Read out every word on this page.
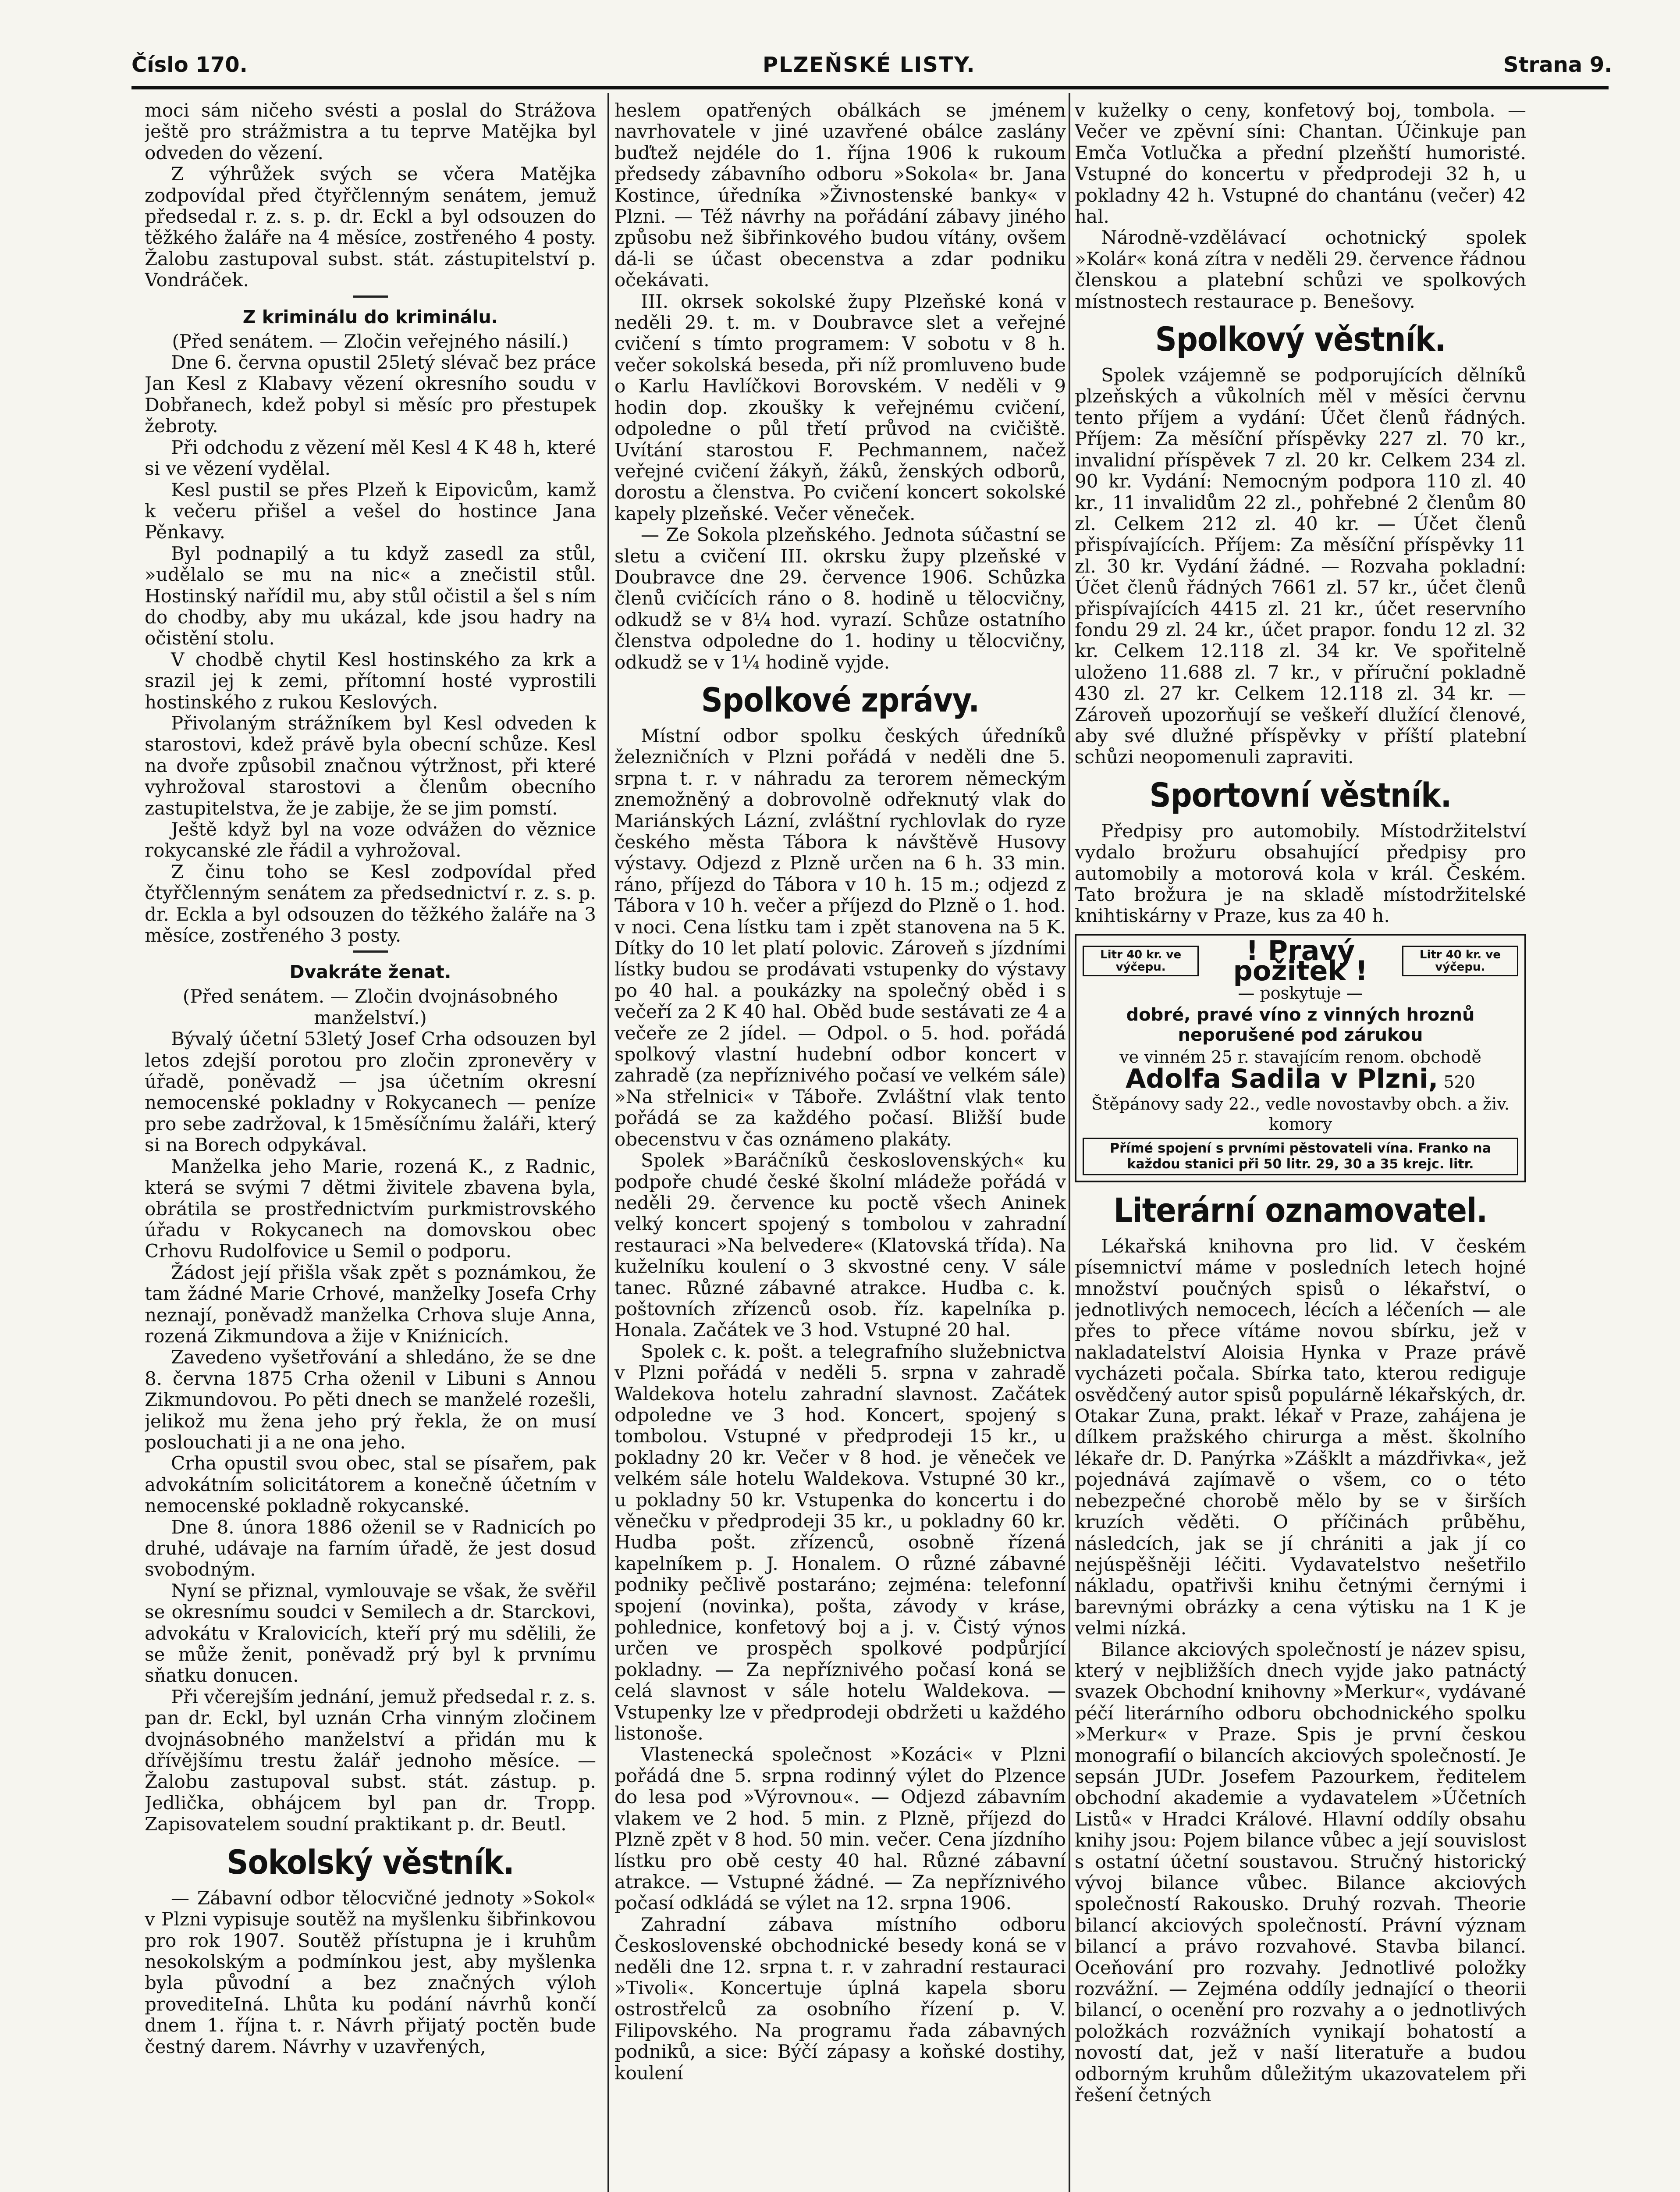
Číslo 170.	PLZEŇSKÉ LISTY.	Strana 9.

moci sám ničeho svésti a poslal do Strážova ještě pro strážmistra a tu teprve Matějka byl odveden do vězení.

Z výhrůžek svých se včera Matějka zodpovídal před čtyřčlenným senátem, jemuž předsedal r. z. s. p. dr. Eckl a byl odsouzen do těžkého žaláře na 4 měsíce, zostřeného 4 posty. Žalobu zastupoval subst. stát. zástupitelství p. Vondráček.

Z kriminálu do kriminálu.

(Před senátem. — Zločin veřejného násilí.)

Dne 6. června opustil 25letý slévač bez práce Jan Kesl z Klabavy vězení okresního soudu v Dobřanech, kdež pobyl si měsíc pro přestupek žebroty.

Při odchodu z vězení měl Kesl 4 K 48 h, které si ve vězení vydělal.

Kesl pustil se přes Plzeň k Eipovicům, kamž k večeru přišel a vešel do hostince Jana Pěnkavy.

Byl podnapilý a tu když zasedl za stůl, »udělalo se mu na nic« a znečistil stůl. Hostinský nařídil mu, aby stůl očistil a šel s ním do chodby, aby mu ukázal, kde jsou hadry na očistění stolu.

V chodbě chytil Kesl hostinského za krk a srazil jej k zemi, přítomní hosté vyprostili hostinského z rukou Keslových.

Přivolaným strážníkem byl Kesl odveden k starostovi, kdež právě byla obecní schůze. Kesl na dvoře způsobil značnou výtržnost, při které vyhrožoval starostovi a členům obecního zastupitelstva, že je zabije, že se jim pomstí.

Ještě když byl na voze odvážen do věznice rokycanské zle řádil a vyhrožoval.

Z činu toho se Kesl zodpovídal před čtyřčlenným senátem za předsednictví r. z. s. p. dr. Eckla a byl odsouzen do těžkého žaláře na 3 měsíce, zostřeného 3 posty.

Dvakráte ženat.

(Před senátem. — Zločin dvojnásobného manželství.)

Bývalý účetní 53letý Josef Crha odsouzen byl letos zdejší porotou pro zločin zpronevěry v úřadě, poněvadž — jsa účetním okresní nemocenské pokladny v Rokycanech — peníze pro sebe zadržoval, k 15měsíčnímu žaláři, který si na Borech odpykával.

Manželka jeho Marie, rozená K., z Radnic, která se svými 7 dětmi živitele zbavena byla, obrátila se prostřednictvím purkmistrovského úřadu v Rokycanech na domovskou obec Crhovu Rudolfovice u Semil o podporu.

Žádost její přišla však zpět s poznámkou, že tam žádné Marie Crhové, manželky Josefa Crhy neznají, poněvadž manželka Crhova sluje Anna, rozená Zikmundova a žije v Kniźnicích.

Zavedeno vyšetřování a shledáno, že se dne 8. června 1875 Crha oženil v Libuni s Annou Zikmundovou. Po pěti dnech se manželé rozešli, jelikož mu žena jeho prý řekla, že on musí poslouchati ji a ne ona jeho.

Crha opustil svou obec, stal se písařem, pak advokátním solicitátorem a konečně účetním v nemocenské pokladně rokycanské.

Dne 8. února 1886 oženil se v Radnicích po druhé, udávaje na farním úřadě, že jest dosud svobodným.

Nyní se přiznal, vymlouvaje se však, že svěřil se okresnímu soudci v Semilech a dr. Starckovi, advokátu v Kralovicích, kteří prý mu sdělili, že se může ženit, poněvadž prý byl k prvnímu sňatku donucen.

Při včerejším jednání, jemuž předsedal r. z. s. pan dr. Eckl, byl uznán Crha vinným zločinem dvojnásobného manželství a přidán mu k dřívějšímu trestu žalář jednoho měsíce. — Žalobu zastupoval subst. stát. zástup. p. Jedlička, obhájcem byl pan dr. Tropp. Zapisovatelem soudní praktikant p. dr. Beutl.

Sokolský věstník.

— Zábavní odbor tělocvičné jednoty »Sokol« v Plzni vypisuje soutěž na myšlenku šibřinkovou pro rok 1907. Soutěž přístupna je i kruhům nesokolským a podmínkou jest, aby myšlenka byla původní a bez značných výloh provediteIná. Lhůta ku podání návrhů končí dnem 1. října t. r. Návrh přijatý poctěn bude čestný darem. Návrhy v uzavřených,

heslem opatřených obálkách se jménem navrhovatele v jiné uzavřené obálce zaslány buďtež nejdéle do 1. října 1906 k rukoum předsedy zábavního odboru »Sokola« br. Jana Kostince, úředníka »Živnostenské banky« v Plzni. — Též návrhy na pořádání zábavy jiného způsobu než šibřinkového budou vítány, ovšem dá-li se účast obecenstva a zdar podniku očekávati.

III. okrsek sokolské župy Plzeňské koná v neděli 29. t. m. v Doubravce slet a veřejné cvičení s tímto programem: V sobotu v 8 h. večer sokolská beseda, při níž promluveno bude o Karlu Havlíčkovi Borovském. V neděli v 9 hodin dop. zkoušky k veřejnému cvičení, odpoledne o půl třetí průvod na cvičiště. Uvítání starostou F. Pechmannem, načež veřejné cvičení žákyň, žáků, ženských odborů, dorostu a členstva. Po cvičení koncert sokolské kapely plzeňské. Večer věneček.

— Ze Sokola plzeňského. Jednota súčastní se sletu a cvičení III. okrsku župy plzeňské v Doubravce dne 29. července 1906. Schůzka členů cvičících ráno o 8. hodině u tělocvičny, odkudž se v 8¼ hod. vyrazí. Schůze ostatního členstva odpoledne do 1. hodiny u tělocvičny, odkudž se v 1¼ hodině vyjde.

Spolkové zprávy.

Místní odbor spolku českých úředníků železničních v Plzni pořádá v neděli dne 5. srpna t. r. v náhradu za terorem německým znemožněný a dobrovolně odřeknutý vlak do Mariánských Lázní, zvláštní rychlovlak do ryze českého města Tábora k návštěvě Husovy výstavy. Odjezd z Plzně určen na 6 h. 33 min. ráno, příjezd do Tábora v 10 h. 15 m.; odjezd z Tábora v 10 h. večer a příjezd do Plzně o 1. hod. v noci. Cena lístku tam i zpět stanovena na 5 K. Dítky do 10 let platí polovic. Zároveň s jízdními lístky budou se prodávati vstupenky do výstavy po 40 hal. a poukázky na společný oběd i s večeří za 2 K 40 hal. Oběd bude sestávati ze 4 a večeře ze 2 jídel. — Odpol. o 5. hod. pořádá spolkový vlastní hudební odbor koncert v zahradě (za nepříznivého počasí ve velkém sále) »Na střelnici« v Táboře. Zvláštní vlak tento pořádá se za každého počasí. Bližší bude obecenstvu v čas oznámeno plakáty.

Spolek »Baráčníků československých« ku podpoře chudé české školní mládeže pořádá v neděli 29. července ku poctě všech Aninek velký koncert spojený s tombolou v zahradní restauraci »Na belvedere« (Klatovská třída). Na kuželníku koulení o 3 skvostné ceny. V sále tanec. Různé zábavné atrakce. Hudba c. k. poštovních zřízenců osob. říz. kapelníka p. Honala. Začátek ve 3 hod. Vstupné 20 hal.

Spolek c. k. pošt. a telegrafního služebnictva v Plzni pořádá v neděli 5. srpna v zahradě Waldekova hotelu zahradní slavnost. Začátek odpoledne ve 3 hod. Koncert, spojený s tombolou. Vstupné v předprodeji 15 kr., u pokladny 20 kr. Večer v 8 hod. je věneček ve velkém sále hotelu Waldekova. Vstupné 30 kr., u pokladny 50 kr. Vstupenka do koncertu i do věnečku v předprodeji 35 kr., u pokladny 60 kr. Hudba pošt. zřízenců, osobně řízená kapelníkem p. J. Honalem. O různé zábavné podniky pečlivě postaráno; zejména: telefonní spojení (novinka), pošta, závody v kráse, pohlednice, konfetový boj a j. v. Čistý výnos určen ve prospěch spolkové podpůrjící pokladny. — Za nepříznivého počasí koná se celá slavnost v sále hotelu Waldekova. — Vstupenky lze v předprodeji obdržeti u každého listonoše.

Vlastenecká společnost »Kozáci« v Plzni pořádá dne 5. srpna rodinný výlet do Plzence do lesa pod »Výrovnou«. — Odjezd zábavním vlakem ve 2 hod. 5 min. z Plzně, příjezd do Plzně zpět v 8 hod. 50 min. večer. Cena jízdního lístku pro obě cesty 40 hal. Různé zábavní atrakce. — Vstupné žádné. — Za nepříznivého počasí odkládá se výlet na 12. srpna 1906.

Zahradní zábava místního odboru Československé obchodnické besedy koná se v neděli dne 12. srpna t. r. v zahradní restauraci »Tivoli«. Koncertuje úplná kapela sboru ostrostřelců za osobního řízení p. V. Filipovského. Na programu řada zábavných podniků, a sice: Býčí zápasy a koňské dostihy, koulení

v kuželky o ceny, konfetový boj, tombola. — Večer ve zpěvní síni: Chantan. Účinkuje pan Emča Votlučka a přední plzeňští humoristé. Vstupné do koncertu v předprodeji 32 h, u pokladny 42 h. Vstupné do chantánu (večer) 42 hal.

Národně-vzdělávací ochotnický spolek »Kolár« koná zítra v neděli 29. července řádnou členskou a platební schůzi ve spolkových místnostech restaurace p. Benešovy.

Spolkový věstník.

Spolek vzájemně se podporujících dělníků plzeňských a vůkolních měl v měsíci červnu tento příjem a vydání: Účet členů řádných. Příjem: Za měsíční příspěvky 227 zl. 70 kr., invalidní příspěvek 7 zl. 20 kr. Celkem 234 zl. 90 kr. Vydání: Nemocným podpora 110 zl. 40 kr., 11 invalidům 22 zl., pohřebné 2 členům 80 zl. Celkem 212 zl. 40 kr. — Účet členů přispívajících. Příjem: Za měsíční příspěvky 11 zl. 30 kr. Vydání žádné. — Rozvaha pokladní: Účet členů řádných 7661 zl. 57 kr., účet členů přispívajících 4415 zl. 21 kr., účet reservního fondu 29 zl. 24 kr., účet prapor. fondu 12 zl. 32 kr. Celkem 12.118 zl. 34 kr. Ve spořitelně uloženo 11.688 zl. 7 kr., v příruční pokladně 430 zl. 27 kr. Celkem 12.118 zl. 34 kr. — Zároveň upozorňují se veškeří dlužící členové, aby své dlužné příspěvky v příští platební schůzi neopomenuli zapraviti.

Sportovní věstník.

Předpisy pro automobily. Místodržitelství vydalo brožuru obsahující předpisy pro automobily a motorová kola v král. Českém. Tato brožura je na skladě místodržitelské knihtiskárny v Praze, kus za 40 h.

Litr 40 kr. ve výčepu.
! Pravý požitek !	Litr 40 kr. ve výčepu.
— poskytuje —
dobré, pravé víno z vinných hroznů neporušené pod zárukou
ve vinném 25 r. stavajícím renom. obchodě
Adolfa Sadila v Plzni, 520
Štěpánovy sady 22., vedle novostavby obch. a živ. komory
Přímé spojení s prvními pěstovateli vína. Franko na každou stanici při 50 litr. 29, 30 a 35 krejc. litr.
Literární oznamovatel.

Lékařská knihovna pro lid. V českém písemnictví máme v posledních letech hojné množství poučných spisů o lékařství, o jednotlivých nemocech, lécích a léčeních — ale přes to přece vítáme novou sbírku, jež v nakladatelství Aloisia Hynka v Praze právě vycházeti počala. Sbírka tato, kterou rediguje osvědčený autor spisů populárně lékařských, dr. Otakar Zuna, prakt. lékař v Praze, zahájena je dílkem pražského chirurga a měst. školního lékaře dr. D. Panýrka »Zášklt a mázdřivka«, jež pojednává zajímavě o všem, co o této nebezpečné chorobě mělo by se v širších kruzích věděti. O příčinách průběhu, následcích, jak se jí chrániti a jak jí co nejúspěšněji léčiti. Vydavatelstvo nešetřilo nákladu, opatřivši knihu četnými černými i barevnými obrázky a cena výtisku na 1 K je velmi nízká.

Bilance akciových společností je název spisu, který v nejbližších dnech vyjde jako patnáctý svazek Obchodní knihovny »Merkur«, vydávané péčí literárního odboru obchodnického spolku »Merkur« v Praze. Spis je první českou monografií o bilancích akciových společností. Je sepsán JUDr. Josefem Pazourkem, ředitelem obchodní akademie a vydavatelem »Účetních Listů« v Hradci Králové. Hlavní oddíly obsahu knihy jsou: Pojem bilance vůbec a její souvislost s ostatní účetní soustavou. Stručný historický vývoj bilance vůbec. Bilance akciových společností Rakousko. Druhý rozvah. Theorie bilancí akciových společností. Právní význam bilancí a právo rozvahové. Stavba bilancí. Oceňování pro rozvahy. Jednotlivé položky rozvážní. — Zejména oddíly jednající o theorii bilancí, o ocenění pro rozvahy a o jednotlivých položkách rozvážních vynikají bohatostí a novostí dat, jež v naší literatuře a budou odborným kruhům důležitým ukazovatelem při řešení četných
